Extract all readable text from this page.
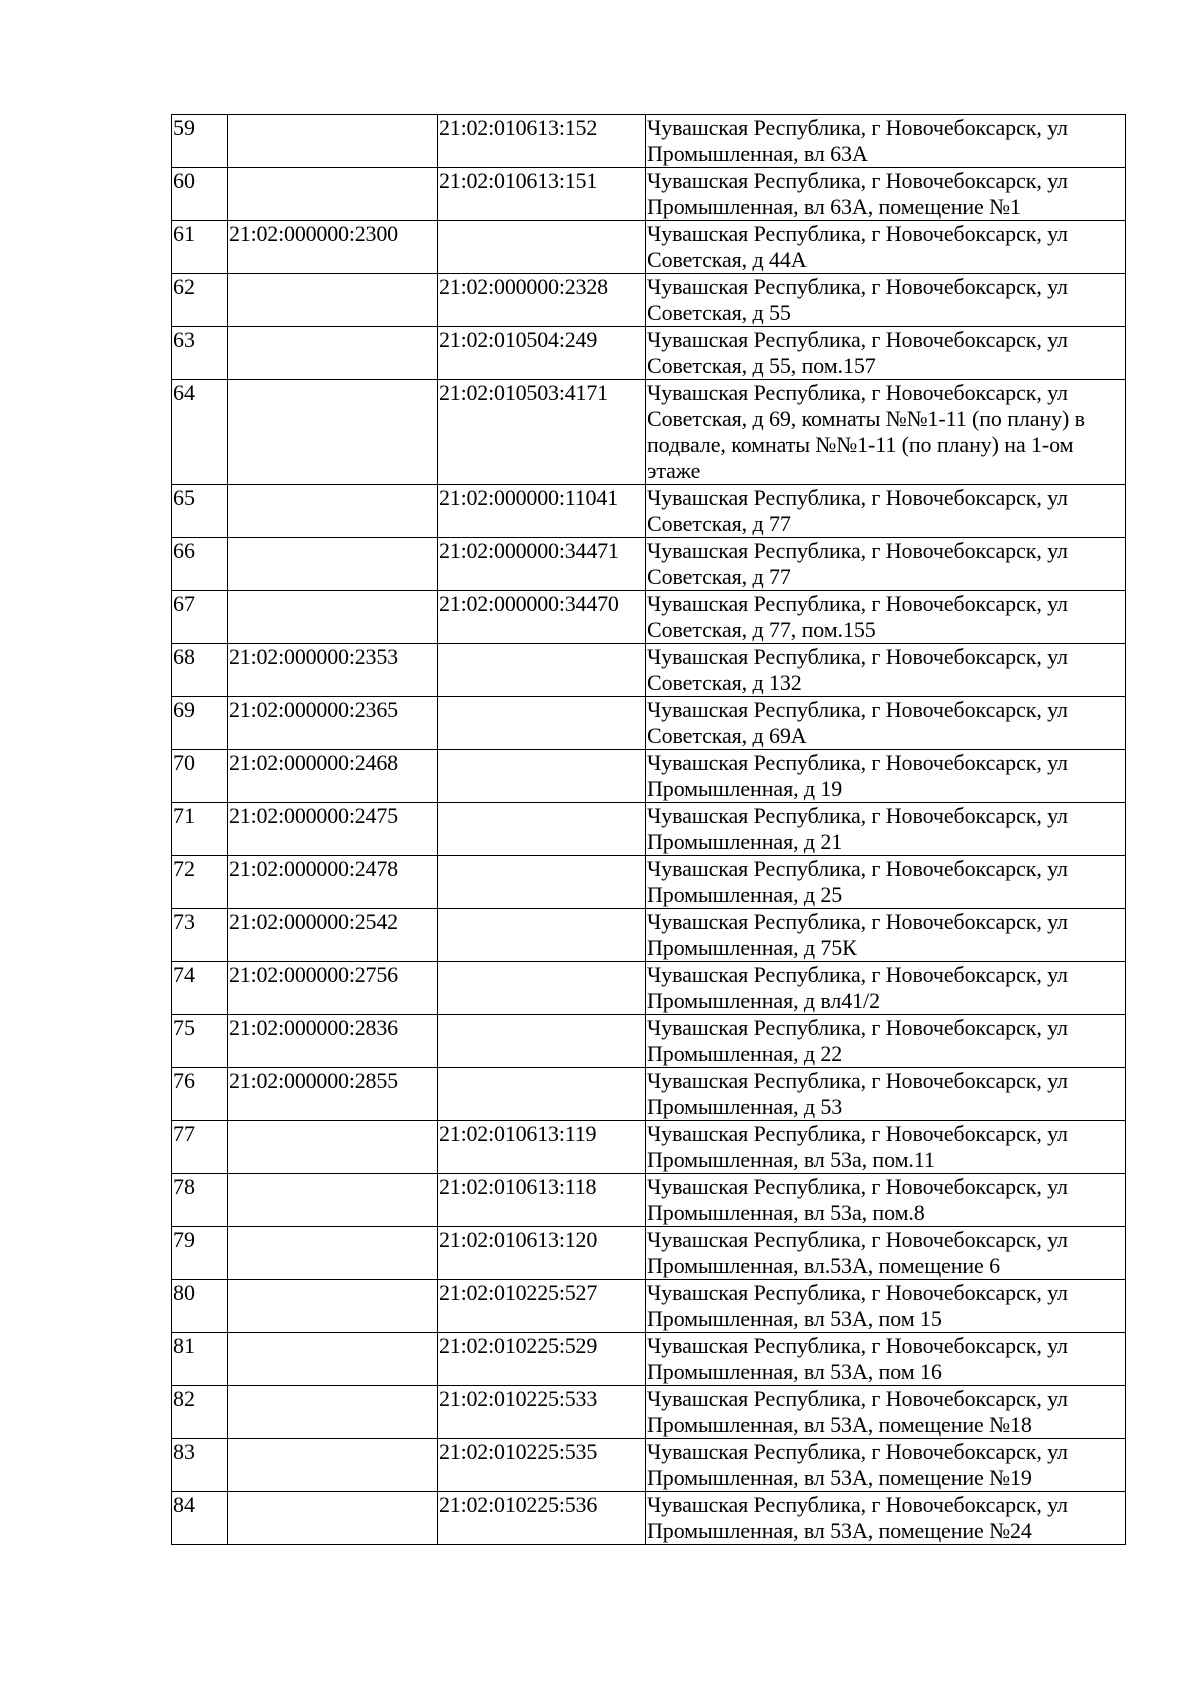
59		21:02:010613:152	Чувашская Республика, г Новочебоксарск, ул Промышленная, вл 63А
60		21:02:010613:151	Чувашская Республика, г Новочебоксарск, ул Промышленная, вл 63А, помещение №1
61	21:02:000000:2300		Чувашская Республика, г Новочебоксарск, ул Советская, д 44А
62		21:02:000000:2328	Чувашская Республика, г Новочебоксарск, ул Советская, д 55
63		21:02:010504:249	Чувашская Республика, г Новочебоксарск, ул Советская, д 55, пом.157
64		21:02:010503:4171	Чувашская Республика, г Новочебоксарск, ул Советская, д 69, комнаты №№1-11 (по плану) в подвале, комнаты №№1-11 (по плану) на 1-ом этаже
65		21:02:000000:11041	Чувашская Республика, г Новочебоксарск, ул Советская, д 77
66		21:02:000000:34471	Чувашская Республика, г Новочебоксарск, ул Советская, д 77
67		21:02:000000:34470	Чувашская Республика, г Новочебоксарск, ул Советская, д 77, пом.155
68	21:02:000000:2353		Чувашская Республика, г Новочебоксарск, ул Советская, д 132
69	21:02:000000:2365		Чувашская Республика, г Новочебоксарск, ул Советская, д 69А
70	21:02:000000:2468		Чувашская Республика, г Новочебоксарск, ул Промышленная, д 19
71	21:02:000000:2475		Чувашская Республика, г Новочебоксарск, ул Промышленная, д 21
72	21:02:000000:2478		Чувашская Республика, г Новочебоксарск, ул Промышленная, д 25
73	21:02:000000:2542		Чувашская Республика, г Новочебоксарск, ул Промышленная, д 75К
74	21:02:000000:2756		Чувашская Республика, г Новочебоксарск, ул Промышленная, д вл41/2
75	21:02:000000:2836		Чувашская Республика, г Новочебоксарск, ул Промышленная, д 22
76	21:02:000000:2855		Чувашская Республика, г Новочебоксарск, ул Промышленная, д 53
77		21:02:010613:119	Чувашская Республика, г Новочебоксарск, ул Промышленная, вл 53а, пом.11
78		21:02:010613:118	Чувашская Республика, г Новочебоксарск, ул Промышленная, вл 53а, пом.8
79		21:02:010613:120	Чувашская Республика, г Новочебоксарск, ул Промышленная, вл.53А, помещение 6
80		21:02:010225:527	Чувашская Республика, г Новочебоксарск, ул Промышленная, вл 53А, пом 15
81		21:02:010225:529	Чувашская Республика, г Новочебоксарск, ул Промышленная, вл 53А, пом 16
82		21:02:010225:533	Чувашская Республика, г Новочебоксарск, ул Промышленная, вл 53А, помещение №18
83		21:02:010225:535	Чувашская Республика, г Новочебоксарск, ул Промышленная, вл 53А, помещение №19
84		21:02:010225:536	Чувашская Республика, г Новочебоксарск, ул Промышленная, вл 53А, помещение №24
